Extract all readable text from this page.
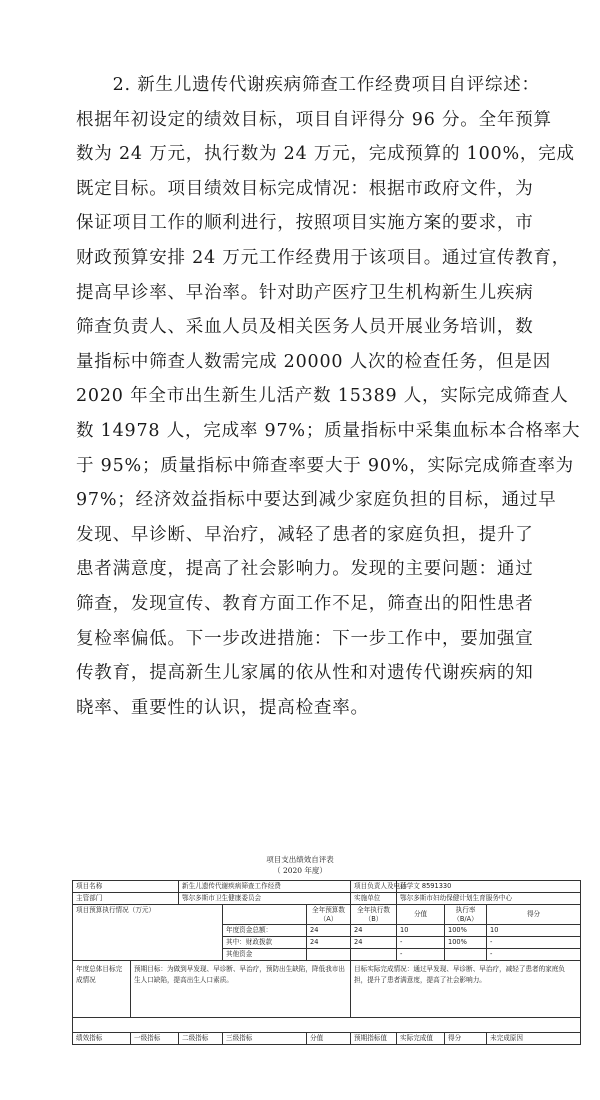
　　2. 新生儿遗传代谢疾病筛查工作经费项目自评综述：
根据年初设定的绩效目标，项目自评得分 96 分。全年预算
数为 24 万元，执行数为 24 万元，完成预算的 100%，完成
既定目标。项目绩效目标完成情况：根据市政府文件，为
保证项目工作的顺利进行，按照项目实施方案的要求，市
财政预算安排 24 万元工作经费用于该项目。通过宣传教育，
提高早诊率、早治率。针对助产医疗卫生机构新生儿疾病
筛查负责人、采血人员及相关医务人员开展业务培训，数
量指标中筛查人数需完成 20000 人次的检查任务，但是因
2020 年全市出生新生儿活产数 15389 人，实际完成筛查人
数 14978 人，完成率 97%；质量指标中采集血标本合格率大
于 95%；质量指标中筛查率要大于 90%，实际完成筛查率为
97%；经济效益指标中要达到减少家庭负担的目标，通过早
发现、早诊断、早治疗，减轻了患者的家庭负担，提升了
患者满意度，提高了社会影响力。发现的主要问题：通过
筛查，发现宣传、教育方面工作不足，筛查出的阳性患者
复检率偏低。下一步改进措施：下一步工作中，要加强宣
传教育，提高新生儿家属的依从性和对遗传代谢疾病的知
晓率、重要性的认识，提高检查率。
项目支出绩效自评表
（ 2020 年度）
项目名称		新生儿遗传代谢疾病筛查工作经费			项目负责人及电话	孙学文 8591330		
主管部门		鄂尔多斯市卫生健康委员会			实施单位	鄂尔多斯市妇幼保健计划生育服务中心		
项目预算执行情况（万元）				全年预算数（A）	全年执行数（B）	分值	执行率（B/A）	得分
			年度资金总额：	24	24	10	100%	10
			其中：财政拨款	24	24	-	100%	-
			其他资金			-		-
年度总体目标完成情况	预期目标：为做到早发现、早诊断、早治疗，预防出生缺陷，降低我市出生人口缺陷，提高出生人口素质。				目标实际完成情况：通过早发现、早诊断、早治疗，减轻了患者的家庭负担，提升了患者满意度，提高了社会影响力。			

绩效指标	一级指标	二级指标	三级指标	分值	预期指标值	实际完成值	得分	未完成原因
